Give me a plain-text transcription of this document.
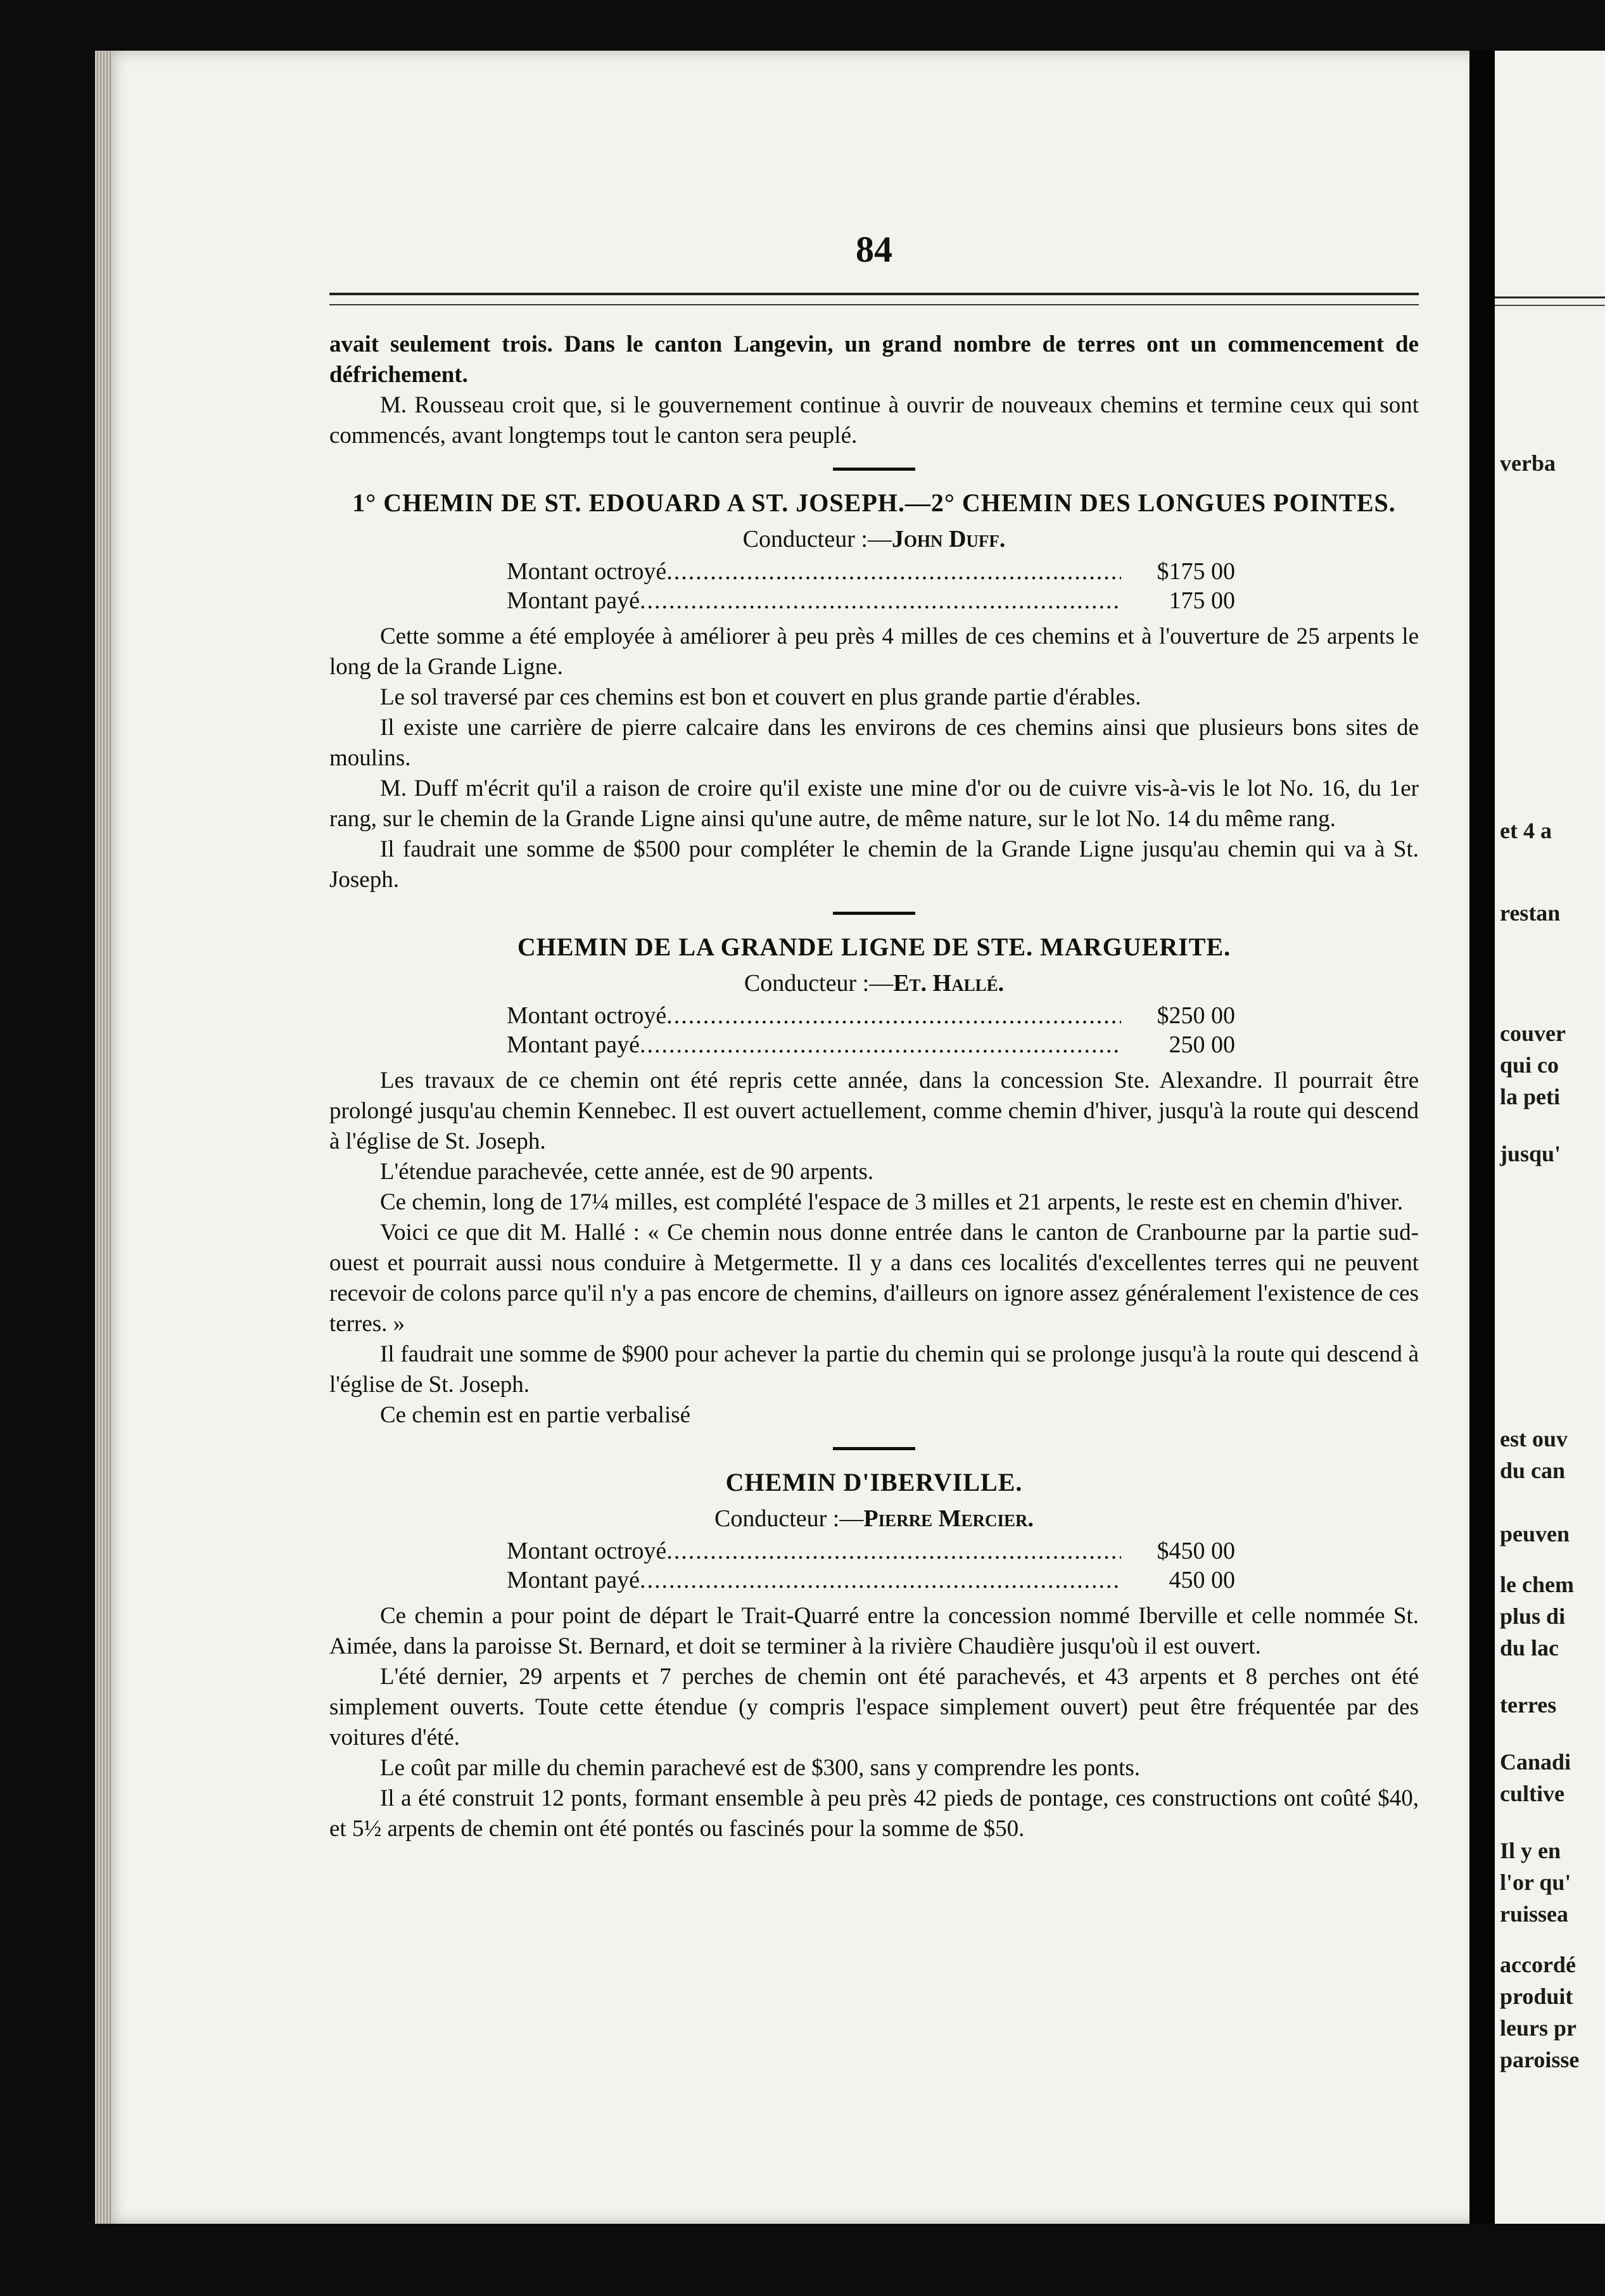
verba
et 4 a
restan
couver
qui co
la peti
jusqu'
est ouv
du can
peuven
le chem
plus di
du lac
terres
Canadi
cultive
Il y en
l'or qu'
ruissea
accordé
produit
leurs pr
paroisse
84

avait seulement trois. Dans le canton Langevin, un grand nombre de terres ont un commencement de défrichement.

M. Rousseau croit que, si le gouvernement continue à ouvrir de nouveaux chemins et termine ceux qui sont commencés, avant longtemps tout le canton sera peuplé.

1° CHEMIN DE ST. EDOUARD A ST. JOSEPH.—2° CHEMIN DES LONGUES POINTES.
Conducteur :—John Duff.
Montant octroyé .....	$175 00
Montant payé .....	175 00

Cette somme a été employée à améliorer à peu près 4 milles de ces chemins et à l'ouverture de 25 arpents le long de la Grande Ligne.

Le sol traversé par ces chemins est bon et couvert en plus grande partie d'érables.

Il existe une carrière de pierre calcaire dans les environs de ces chemins ainsi que plusieurs bons sites de moulins.

M. Duff m'écrit qu'il a raison de croire qu'il existe une mine d'or ou de cuivre vis-à-vis le lot No. 16, du 1er rang, sur le chemin de la Grande Ligne ainsi qu'une autre, de même nature, sur le lot No. 14 du même rang.

Il faudrait une somme de $500 pour compléter le chemin de la Grande Ligne jusqu'au chemin qui va à St. Joseph.

CHEMIN DE LA GRANDE LIGNE DE STE. MARGUERITE.
Conducteur :—Et. Hallé.
Montant octroyé .....	$250 00
Montant payé .....	250 00

Les travaux de ce chemin ont été repris cette année, dans la concession Ste. Alexandre. Il pourrait être prolongé jusqu'au chemin Kennebec. Il est ouvert actuellement, comme chemin d'hiver, jusqu'à la route qui descend à l'église de St. Joseph.

L'étendue parachevée, cette année, est de 90 arpents.

Ce chemin, long de 17¼ milles, est complété l'espace de 3 milles et 21 arpents, le reste est en chemin d'hiver.

Voici ce que dit M. Hallé : « Ce chemin nous donne entrée dans le canton de Cranbourne par la partie sud-ouest et pourrait aussi nous conduire à Metgermette. Il y a dans ces localités d'excellentes terres qui ne peuvent recevoir de colons parce qu'il n'y a pas encore de chemins, d'ailleurs on ignore assez généralement l'existence de ces terres. »

Il faudrait une somme de $900 pour achever la partie du chemin qui se prolonge jusqu'à la route qui descend à l'église de St. Joseph.

Ce chemin est en partie verbalisé

CHEMIN D'IBERVILLE.
Conducteur :—Pierre Mercier.
Montant octroyé .....	$450 00
Montant payé .....	450 00

Ce chemin a pour point de départ le Trait-Quarré entre la concession nommé Iberville et celle nommée St. Aimée, dans la paroisse St. Bernard, et doit se terminer à la rivière Chaudière jusqu'où il est ouvert.

L'été dernier, 29 arpents et 7 perches de chemin ont été parachevés, et 43 arpents et 8 perches ont été simplement ouverts. Toute cette étendue (y compris l'espace simplement ouvert) peut être fréquentée par des voitures d'été.

Le coût par mille du chemin parachevé est de $300, sans y comprendre les ponts.

Il a été construit 12 ponts, formant ensemble à peu près 42 pieds de pontage, ces constructions ont coûté $40, et 5½ arpents de chemin ont été pontés ou fascinés pour la somme de $50.
